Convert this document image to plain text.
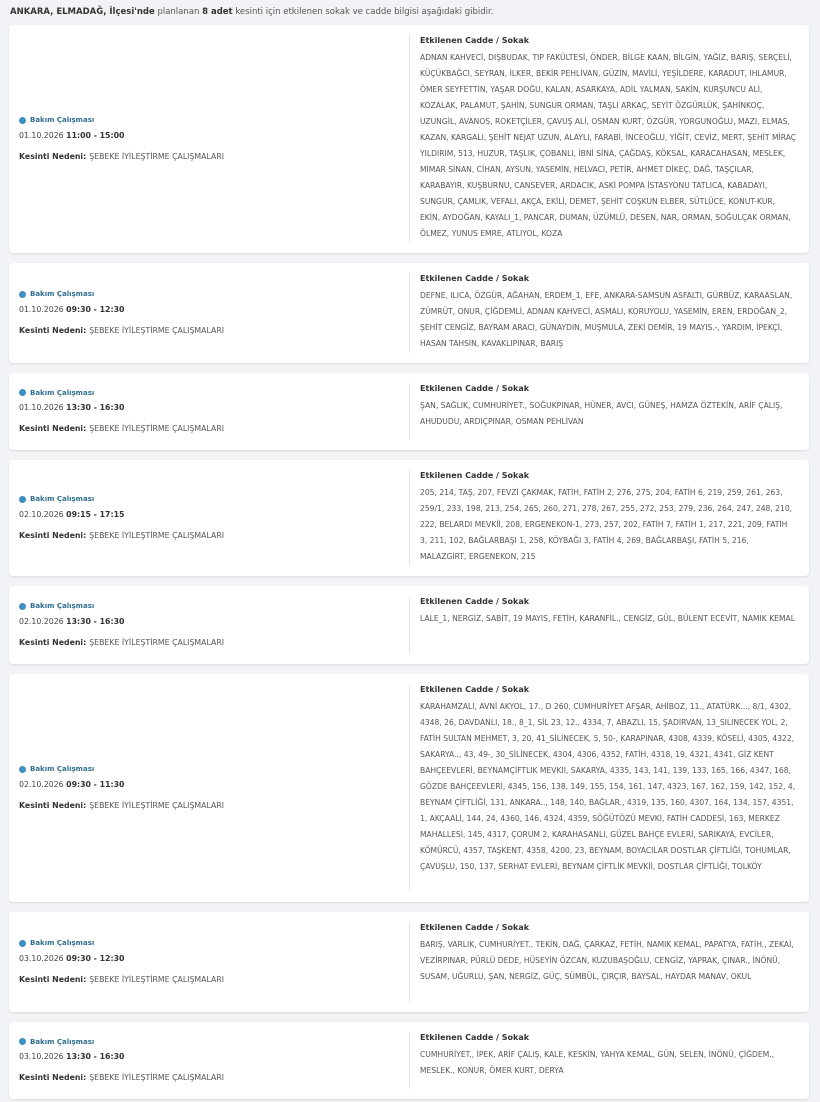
ANKARA, ELMADAĞ, İlçesi'nde planlanan 8 adet kesinti için etkilenen sokak ve cadde bilgisi aşağıdaki gibidir.
Bakım Çalışması
01.10.2026 11:00 - 15:00
Kesinti Nedeni: ŞEBEKE İYİLEŞTİRME ÇALIŞMALARI
Etkilenen Cadde / Sokak
ADNAN KAHVECİ, DIŞBUDAK, TIP FAKÜLTESİ, ÖNDER, BİLGE KAAN, BİLGİN, YAĞIZ, BARIŞ, SERÇELİ, KÜÇÜKBAĞCI, SEYRAN, İLKER, BEKİR PEHLİVAN, GÜZİN, MAVİLİ, YEŞİLDERE, KARADUT, IHLAMUR, ÖMER SEYFETTİN, YAŞAR DOĞU, KALAN, ASARKAYA, ADİL YALMAN, SAKİN, KURŞUNCU ALİ, KOZALAK, PALAMUT, ŞAHİN, SUNGUR ORMAN, TAŞLI ARKAÇ, SEYİT ÖZGÜRLÜK, ŞAHİNKOÇ, UZUNGİL, AVANOS, ROKETÇİLER, ÇAVUŞ ALİ, OSMAN KURT, ÖZGÜR, YORGUNOĞLU, MAZI, ELMAS, KAZAN, KARGALI, ŞEHİT NEJAT UZUN, ALAYLI, FARABİ, İNCEOĞLU, YİĞİT, CEVİZ, MERT, ŞEHİT MİRAÇ YILDIRIM, 513, HUZUR, TAŞLIK, ÇOBANLI, İBNİ SİNA, ÇAĞDAŞ, KÖKSAL, KARACAHASAN, MESLEK, MİMAR SİNAN, CİHAN, AYSUN, YASEMİN, HELVACI, PETİR, AHMET DİKEÇ, DAĞ, TAŞÇILAR, KARABAYIR, KUŞBURNU, CANSEVER, ARDACIK, ASKİ POMPA İSTASYONU TATLICA, KABADAYI, SUNGUR, ÇAMLIK, VEFALI, AKÇA, EKİLİ, DEMET, ŞEHİT COŞKUN ELBER, SÜTLÜCE, KONUT-KUR, EKİN, AYDOĞAN, KAYALI_1, PANCAR, DUMAN, ÜZÜMLÜ, DESEN, NAR, ORMAN, SOĞULÇAK ORMAN, ÖLMEZ, YUNUS EMRE, ATLIYOL, KOZA
Bakım Çalışması
01.10.2026 09:30 - 12:30
Kesinti Nedeni: ŞEBEKE İYİLEŞTİRME ÇALIŞMALARI
Etkilenen Cadde / Sokak
DEFNE, ILICA, ÖZGÜR, AĞAHAN, ERDEM_1, EFE, ANKARA-SAMSUN ASFALTI, GÜRBÜZ, KARAASLAN, ZÜMRÜT, ONUR, ÇİĞDEMLİ, ADNAN KAHVECİ, ASMALI, KORUYOLU, YASEMİN, EREN, ERDOĞAN_2, ŞEHİT CENGİZ, BAYRAM ARACI, GÜNAYDIN, MUŞMULA, ZEKİ DEMİR, 19 MAYIS.-, YARDIM, İPEKÇİ, HASAN TAHSİN, KAVAKLIPINAR, BARIŞ
Bakım Çalışması
01.10.2026 13:30 - 16:30
Kesinti Nedeni: ŞEBEKE İYİLEŞTİRME ÇALIŞMALARI
Etkilenen Cadde / Sokak
ŞAN, SAĞLIK, CUMHURİYET., SOĞUKPINAR, HÜNER, AVCI, GÜNEŞ, HAMZA ÖZTEKİN, ARİF ÇALIŞ, AHUDUDU, ARDIÇPINAR, OSMAN PEHLİVAN
Bakım Çalışması
02.10.2026 09:15 - 17:15
Kesinti Nedeni: ŞEBEKE İYİLEŞTİRME ÇALIŞMALARI
Etkilenen Cadde / Sokak
205, 214, TAŞ, 207, FEVZİ ÇAKMAK, FATİH, FATİH 2, 276, 275, 204, FATİH 6, 219, 259, 261, 263, 259/1, 233, 198, 213, 254, 265, 260, 271, 278, 267, 255, 272, 253, 279, 236, 264, 247, 248, 210, 222, BELARDI MEVKİİ, 208, ERGENEKON-1, 273, 257, 202, FATİH 7, FATİH 1, 217, 221, 209, FATİH 3, 211, 102, BAĞLARBAŞI 1, 258, KÖYBAĞI 3, FATİH 4, 269, BAĞLARBAŞI, FATİH 5, 216, MALAZGİRT, ERGENEKON, 215
Bakım Çalışması
02.10.2026 13:30 - 16:30
Kesinti Nedeni: ŞEBEKE İYİLEŞTİRME ÇALIŞMALARI
Etkilenen Cadde / Sokak
LALE_1, NERGİZ, SABİT, 19 MAYIS, FETİH, KARANFİL., CENGİZ, GÜL, BÜLENT ECEVİT, NAMIK KEMAL
Bakım Çalışması
02.10.2026 09:30 - 11:30
Kesinti Nedeni: ŞEBEKE İYİLEŞTİRME ÇALIŞMALARI
Etkilenen Cadde / Sokak
KARAHAMZALI, AVNİ AKYOL, 17., D 260, CUMHURİYET AFŞAR, AHİBOZ, 11., ATATÜRK..., 8/1, 4302, 4348, 26, DAVDANLI, 18., 8_1, SİL 23, 12., 4334, 7, ABAZLI, 15, ŞADIRVAN, 13_SILINECEK YOL, 2, FATİH SULTAN MEHMET, 3, 20, 41_SİLİNECEK, 5, 50-, KARAPINAR, 4308, 4339, KÖSELİ, 4305, 4322, SAKARYA.., 43, 49-, 30_SİLİNECEK, 4304, 4306, 4352, FATİH, 4318, 19, 4321, 4341, GİZ KENT BAHÇEEVLERİ, BEYNAMÇİFTLIK MEVKII, SAKARYA, 4335, 143, 141, 139, 133, 165, 166, 4347, 168, GÖZDE BAHÇEEVLERİ, 4345, 156, 138, 149, 155, 154, 161, 147, 4323, 167, 162, 159, 142, 152, 4, BEYNAM ÇİFTLİĞİ, 131, ANKARA.., 148, 140, BAĞLAR., 4319, 135, 160, 4307, 164, 134, 157, 4351, 1, AKÇAALİ, 144, 24, 4360, 146, 4324, 4359, SÖĞÜTÖZÜ MEVKİ, FATİH CADDESİ, 163, MERKEZ MAHALLESİ, 145, 4317, ÇORUM 2, KARAHASANLI, GÜZEL BAHÇE EVLERİ, SARIKAYA, EVCİLER, KÖMÜRCÜ, 4357, TAŞKENT, 4358, 4200, 23, BEYNAM, BOYACILAR DOSTLAR ÇİFTLİĞİ, TOHUMLAR, ÇAVUŞLU, 150, 137, SERHAT EVLERİ, BEYNAM ÇİFTLİK MEVKİİ, DOSTLAR ÇİFTLİĞİ, TOLKÖY
Bakım Çalışması
03.10.2026 09:30 - 12:30
Kesinti Nedeni: ŞEBEKE İYİLEŞTİRME ÇALIŞMALARI
Etkilenen Cadde / Sokak
BARIŞ, VARLIK, CUMHURİYET., TEKİN, DAĞ, ÇARKAZ, FETİH, NAMIK KEMAL, PAPATYA, FATİH., ZEKAİ, VEZİRPINAR, PÜRLÜ DEDE, HÜSEYİN ÖZCAN, KUZUBAŞOĞLU, CENGİZ, YAPRAK, ÇINAR., İNÖNÜ, SUSAM, UĞURLU, ŞAN, NERGİZ, GÜÇ, SÜMBÜL, ÇIRÇIR, BAYSAL, HAYDAR MANAV, OKUL
Bakım Çalışması
03.10.2026 13:30 - 16:30
Kesinti Nedeni: ŞEBEKE İYİLEŞTİRME ÇALIŞMALARI
Etkilenen Cadde / Sokak
CUMHURİYET., İPEK, ARİF ÇALIŞ, KALE, KESKİN, YAHYA KEMAL, GÜN, SELEN, İNÖNÜ, ÇİĞDEM., MESLEK., KONUR, ÖMER KURT, DERYA
